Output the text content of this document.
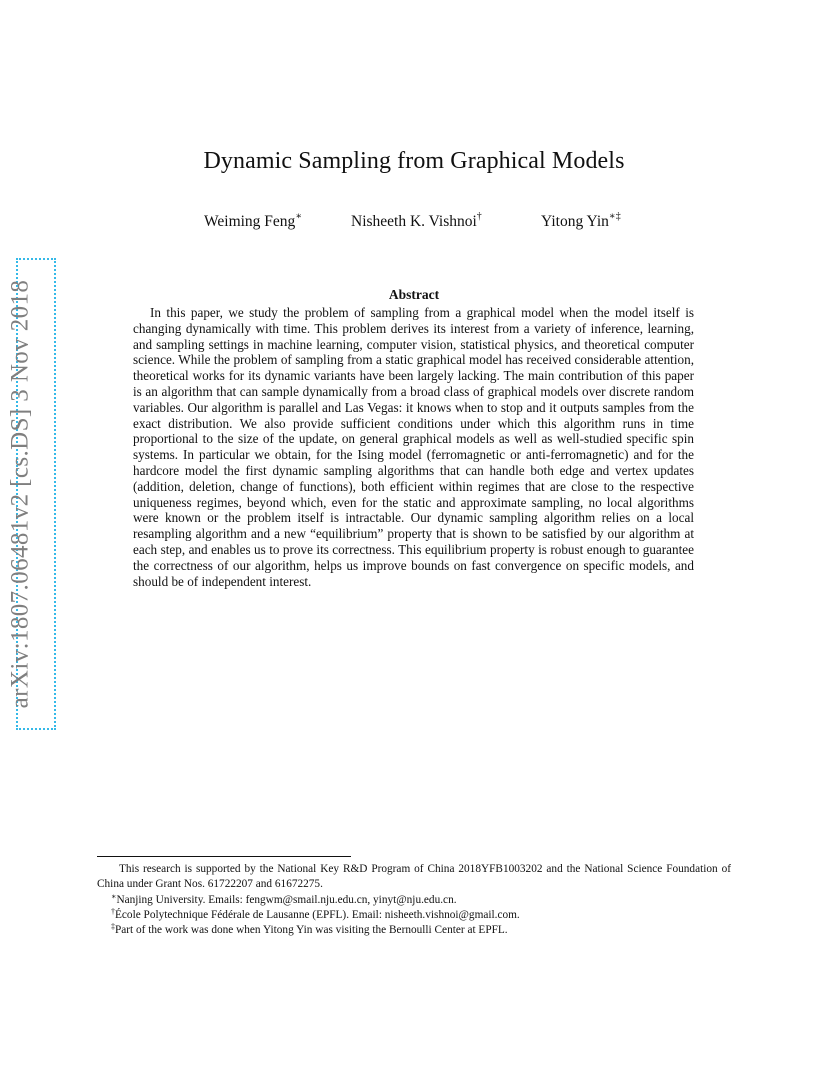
arXiv:1807.06481v2 [cs.DS] 3 Nov 2018
Dynamic Sampling from Graphical Models
Weiming Feng∗	Nisheeth K. Vishnoi†	Yitong Yin∗‡
Abstract

In this paper, we study the problem of sampling from a graphical model when the model itself is changing dynamically with time. This problem derives its interest from a variety of inference, learning, and sampling settings in machine learning, computer vision, statistical physics, and theoretical computer science. While the problem of sampling from a static graphical model has received considerable attention, theoretical works for its dynamic variants have been largely lacking. The main contribution of this paper is an algorithm that can sample dynamically from a broad class of graphical models over discrete random variables. Our algorithm is parallel and Las Vegas: it knows when to stop and it outputs samples from the exact distribution. We also provide sufficient conditions under which this algorithm runs in time proportional to the size of the update, on general graphical models as well as well-studied specific spin systems. In particular we obtain, for the Ising model (ferromagnetic or anti-ferromagnetic) and for the hardcore model the first dynamic sampling algorithms that can handle both edge and vertex updates (addition, deletion, change of functions), both efficient within regimes that are close to the respective uniqueness regimes, beyond which, even for the static and approximate sampling, no local algorithms were known or the problem itself is intractable. Our dynamic sampling algorithm relies on a local resampling algorithm and a new “equilibrium” property that is shown to be satisfied by our algorithm at each step, and enables us to prove its correctness. This equilibrium property is robust enough to guarantee the correctness of our algorithm, helps us improve bounds on fast convergence on specific models, and should be of independent interest.

This research is supported by the National Key R&D Program of China 2018YFB1003202 and the National Science Foundation of China under Grant Nos. 61722207 and 61672275.

∗Nanjing University. Emails: fengwm@smail.nju.edu.cn, yinyt@nju.edu.cn.

†École Polytechnique Fédérale de Lausanne (EPFL). Email: nisheeth.vishnoi@gmail.com.

‡Part of the work was done when Yitong Yin was visiting the Bernoulli Center at EPFL.
